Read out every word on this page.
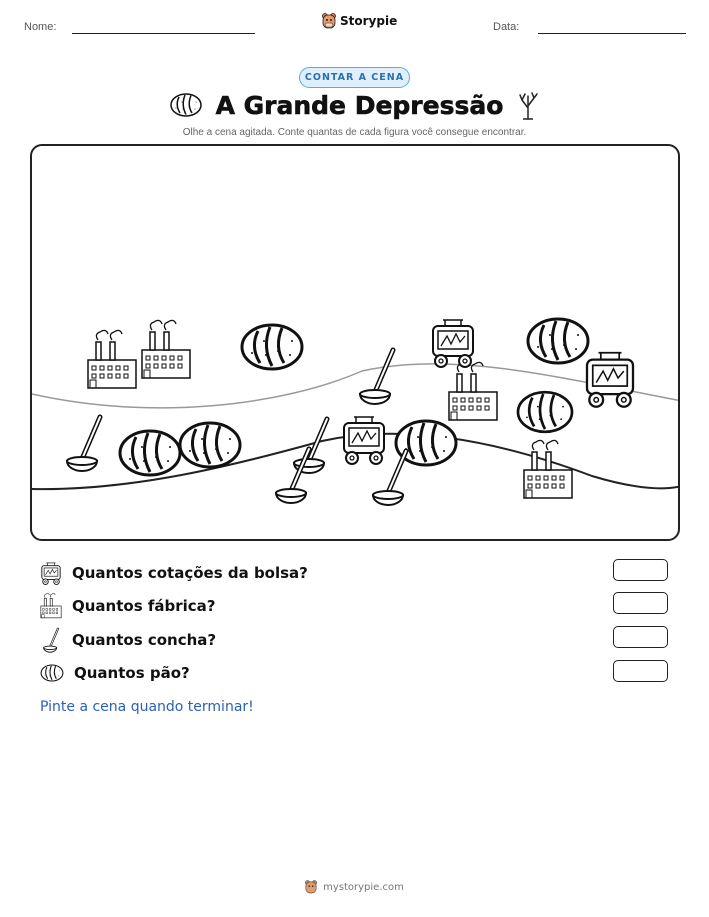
Nome:	Storypie	Data:
CONTAR A CENA
A Grande Depressão
Olhe a cena agitada. Conte quantas de cada figura você consegue encontrar.
Quantos cotações da bolsa?
Quantos fábrica?
Quantos concha?
Quantos pão?
Pinte a cena quando terminar!
mystorypie.com
